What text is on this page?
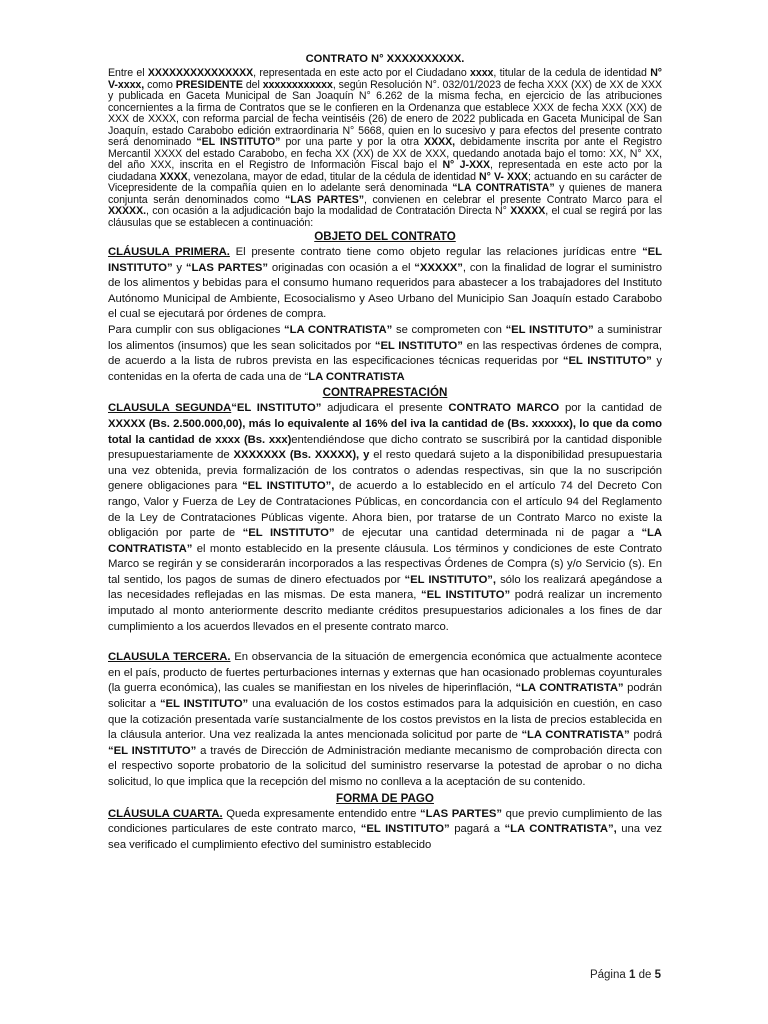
CONTRATO N° XXXXXXXXXX.

Entre el XXXXXXXXXXXXXXX, representada en este acto por el Ciudadano xxxx, titular de la cedula de identidad N° V-xxxx, como PRESIDENTE del xxxxxxxxxxxx, según Resolución N°. 032/01/2023 de fecha XXX (XX) de XX de XXX y publicada en Gaceta Municipal de San Joaquín N° 6.262 de la misma fecha, en ejercicio de las atribuciones concernientes a la firma de Contratos que se le confieren en la Ordenanza que establece XXX de fecha XXX (XX) de XXX de XXXX, con reforma parcial de fecha veintiséis (26) de enero de 2022 publicada en Gaceta Municipal de San Joaquín, estado Carabobo edición extraordinaria N° 5668, quien en lo sucesivo y para efectos del presente contrato será denominado “EL INSTITUTO” por una parte y por la otra XXXX, debidamente inscrita por ante el Registro Mercantil XXXX del estado Carabobo, en fecha XX (XX) de XX de XXX, quedando anotada bajo el tomo: XX, N° XX, del año XXX, inscrita en el Registro de Información Fiscal bajo el N° J-XXX, representada en este acto por la ciudadana XXXX, venezolana, mayor de edad, titular de la cédula de identidad N° V- XXX; actuando en su carácter de Vicepresidente de la compañía quien en lo adelante será denominada “LA CONTRATISTA” y quienes de manera conjunta serán denominados como “LAS PARTES”, convienen en celebrar el presente Contrato Marco para el XXXXX., con ocasión a la adjudicación bajo la modalidad de Contratación Directa N° XXXXX, el cual se regirá por las cláusulas que se establecen a continuación:

OBJETO DEL CONTRATO

CLÁUSULA PRIMERA. El presente contrato tiene como objeto regular las relaciones jurídicas entre “EL INSTITUTO” y “LAS PARTES” originadas con ocasión a el “XXXXX”, con la finalidad de lograr el suministro de los alimentos y bebidas para el consumo humano requeridos para abastecer a los trabajadores del Instituto Autónomo Municipal de Ambiente, Ecosocialismo y Aseo Urbano del Municipio San Joaquín estado Carabobo el cual se ejecutará por órdenes de compra.

Para cumplir con sus obligaciones “LA CONTRATISTA” se comprometen con “EL INSTITUTO” a suministrar los alimentos (insumos) que les sean solicitados por “EL INSTITUTO” en las respectivas órdenes de compra, de acuerdo a la lista de rubros prevista en las especificaciones técnicas requeridas por “EL INSTITUTO” y contenidas en la oferta de cada una de “LA CONTRATISTA

CONTRAPRESTACIÓN

CLAUSULA SEGUNDA“EL INSTITUTO” adjudicara el presente CONTRATO MARCO por la cantidad de XXXXX (Bs. 2.500.000,00), más lo equivalente al 16% del iva la cantidad de (Bs. xxxxxx), lo que da como total la cantidad de xxxx (Bs. xxx)entendiéndose que dicho contrato se suscribirá por la cantidad disponible presupuestariamente de XXXXXXX (Bs. XXXXX), y el resto quedará sujeto a la disponibilidad presupuestaria una vez obtenida, previa formalización de los contratos o adendas respectivas, sin que la no suscripción genere obligaciones para “EL INSTITUTO”, de acuerdo a lo establecido en el artículo 74 del Decreto Con rango, Valor y Fuerza de Ley de Contrataciones Públicas, en concordancia con el artículo 94 del Reglamento de la Ley de Contrataciones Públicas vigente. Ahora bien, por tratarse de un Contrato Marco no existe la obligación por parte de “EL INSTITUTO” de ejecutar una cantidad determinada ni de pagar a “LA CONTRATISTA” el monto establecido en la presente cláusula. Los términos y condiciones de este Contrato Marco se regirán y se considerarán incorporados a las respectivas Órdenes de Compra (s) y/o Servicio (s). En tal sentido, los pagos de sumas de dinero efectuados por “EL INSTITUTO”, sólo los realizará apegándose a las necesidades reflejadas en las mismas. De esta manera, “EL INSTITUTO” podrá realizar un incremento imputado al monto anteriormente descrito mediante créditos presupuestarios adicionales a los fines de dar cumplimiento a los acuerdos llevados en el presente contrato marco.

CLAUSULA TERCERA. En observancia de la situación de emergencia económica que actualmente acontece en el país, producto de fuertes perturbaciones internas y externas que han ocasionado problemas coyunturales (la guerra económica), las cuales se manifiestan en los niveles de hiperinflación, “LA CONTRATISTA” podrán solicitar a “EL INSTITUTO” una evaluación de los costos estimados para la adquisición en cuestión, en caso que la cotización presentada varíe sustancialmente de los costos previstos en la lista de precios establecida en la cláusula anterior. Una vez realizada la antes mencionada solicitud por parte de “LA CONTRATISTA” podrá “EL INSTITUTO” a través de Dirección de Administración mediante mecanismo de comprobación directa con el respectivo soporte probatorio de la solicitud del suministro reservarse la potestad de aprobar o no dicha solicitud, lo que implica que la recepción del mismo no conlleva a la aceptación de su contenido.

FORMA DE PAGO

CLÁUSULA CUARTA. Queda expresamente entendido entre “LAS PARTES” que previo cumplimiento de las condiciones particulares de este contrato marco, “EL INSTITUTO” pagará a “LA CONTRATISTA”, una vez sea verificado el cumplimiento efectivo del suministro establecido

Página 1 de 5
